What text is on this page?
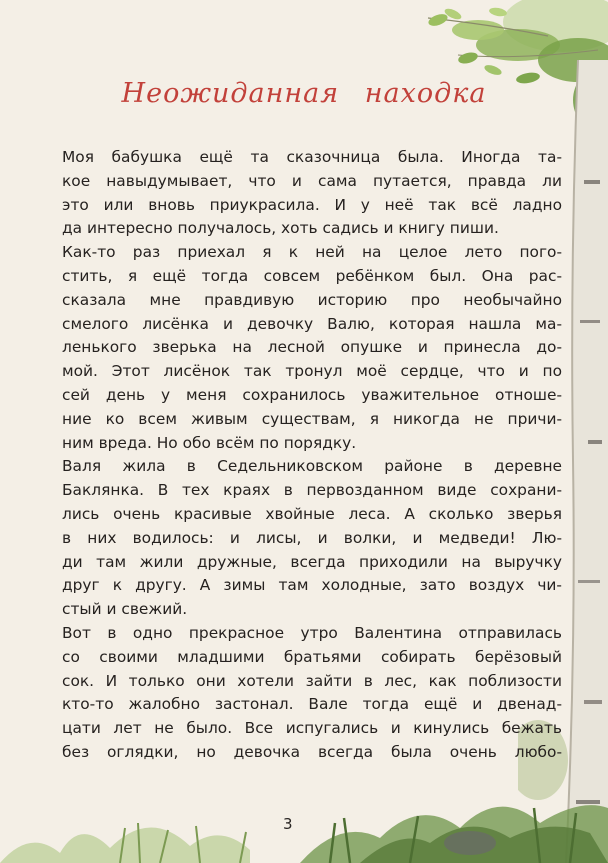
Неожиданная находка
Моя бабушка ещё та сказочница была. Иногда та-
кое навыдумывает, что и сама путается, правда ли
это или вновь приукрасила. И у неё так всё ладно
да интересно получалось, хоть садись и книгу пиши.
Как-то раз приехал я к ней на целое лето пого-
стить, я ещё тогда совсем ребёнком был. Она рас-
сказала мне правдивую историю про необычайно
смелого лисёнка и девочку Валю, которая нашла ма-
ленького зверька на лесной опушке и принесла до-
мой. Этот лисёнок так тронул моё сердце, что и по
сей день у меня сохранилось уважительное отноше-
ние ко всем живым существам, я никогда не причи-
ним вреда. Но обо всём по порядку.
Валя жила в Седельниковском районе в деревне
Баклянка. В тех краях в первозданном виде сохрани-
лись очень красивые хвойные леса. А сколько зверья
в них водилось: и лисы, и волки, и медведи! Лю-
ди там жили дружные, всегда приходили на выручку
друг к другу. А зимы там холодные, зато воздух чи-
стый и свежий.
Вот в одно прекрасное утро Валентина отправилась
со своими младшими братьями собирать берёзовый
сок. И только они хотели зайти в лес, как поблизости
кто-то жалобно застонал. Вале тогда ещё и двенад-
цати лет не было. Все испугались и кинулись бежать
без оглядки, но девочка всегда была очень любо-
3
